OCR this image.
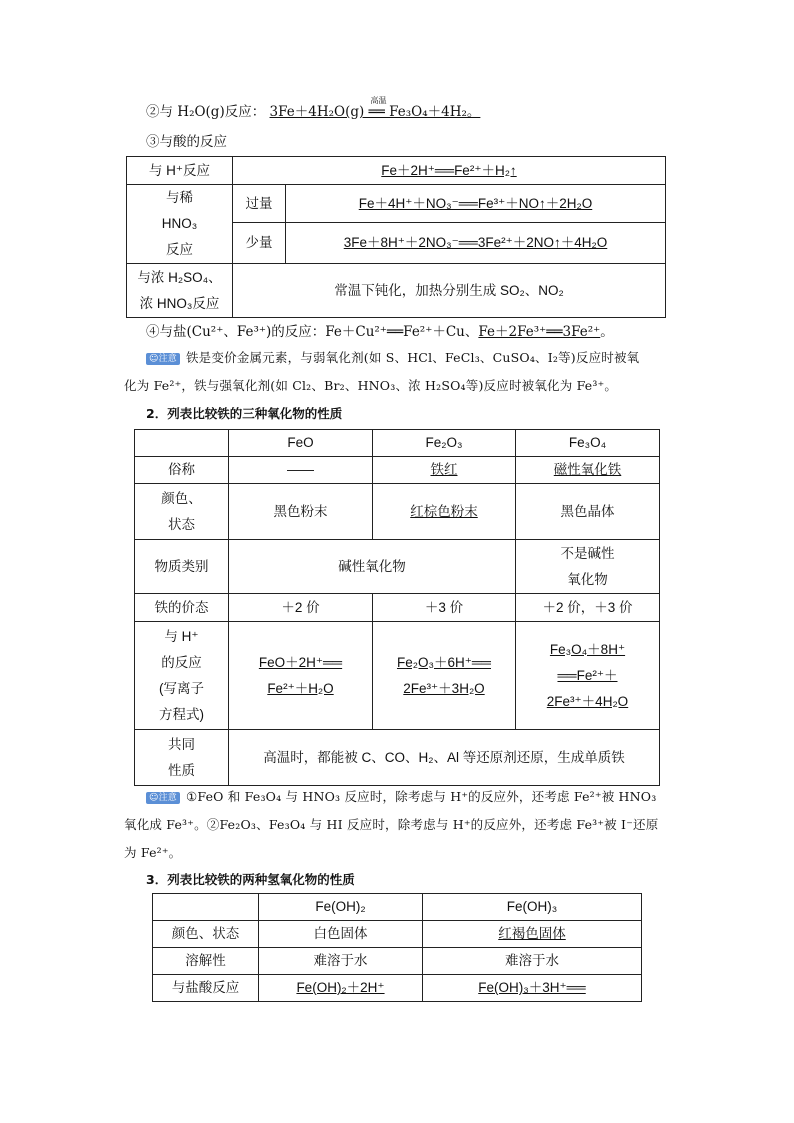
②与 H₂O(g)反应： 3Fe＋4H₂O(g) ══ Fe₃O₄＋4H₂。
高温
③与酸的反应
与 H⁺反应	Fe＋2H⁺══Fe²⁺＋H₂↑	

与稀
HNO₃
反应	过量	Fe＋4H⁺＋NO₃⁻══Fe³⁺＋NO↑＋2H₂O
	少量	3Fe＋8H⁺＋2NO₃⁻══3Fe²⁺＋2NO↑＋4H₂O

与浓 H₂SO₄、
浓 HNO₃反应	常温下钝化，加热分别生成 SO₂、NO₂	
④与盐(Cu²⁺、Fe³⁺)的反应：Fe＋Cu²⁺══Fe²⁺＋Cu、Fe＋2Fe³⁺══3Fe²⁺。
☺注意 铁是变价金属元素，与弱氧化剂(如 S、HCl、FeCl₃、CuSO₄、I₂等)反应时被氧
化为 Fe²⁺，铁与强氧化剂(如 Cl₂、Br₂、HNO₃、浓 H₂SO₄等)反应时被氧化为 Fe³⁺。
2．列表比较铁的三种氧化物的性质
	FeO	Fe₂O₃	Fe₃O₄
俗称	——	铁红	磁性氧化铁

颜色、
状态	黑色粉末	红棕色粉末	黑色晶体
物质类别	碱性氧化物		不是碱性
氧化物

铁的价态	＋2 价	＋3 价	＋2 价，＋3 价

与 H⁺
的反应
(写离子
方程式)	FeO＋2H⁺══
Fe²⁺＋H₂O	Fe₂O₃＋6H⁺══
2Fe³⁺＋3H₂O	Fe₃O₄＋8H⁺
══Fe²⁺＋
2Fe³⁺＋4H₂O

共同
性质	高温时，都能被 C、CO、H₂、Al 等还原剂还原，生成单质铁		
☺注意 ①FeO 和 Fe₃O₄ 与 HNO₃ 反应时，除考虑与 H⁺的反应外，还考虑 Fe²⁺被 HNO₃
氧化成 Fe³⁺。②Fe₂O₃、Fe₃O₄ 与 HI 反应时，除考虑与 H⁺的反应外，还考虑 Fe³⁺被 I⁻还原
为 Fe²⁺。
3．列表比较铁的两种氢氧化物的性质
	Fe(OH)₂	Fe(OH)₃
颜色、状态	白色固体	红褐色固体
溶解性	难溶于水	难溶于水
与盐酸反应	Fe(OH)₂＋2H⁺	Fe(OH)₃＋3H⁺══
